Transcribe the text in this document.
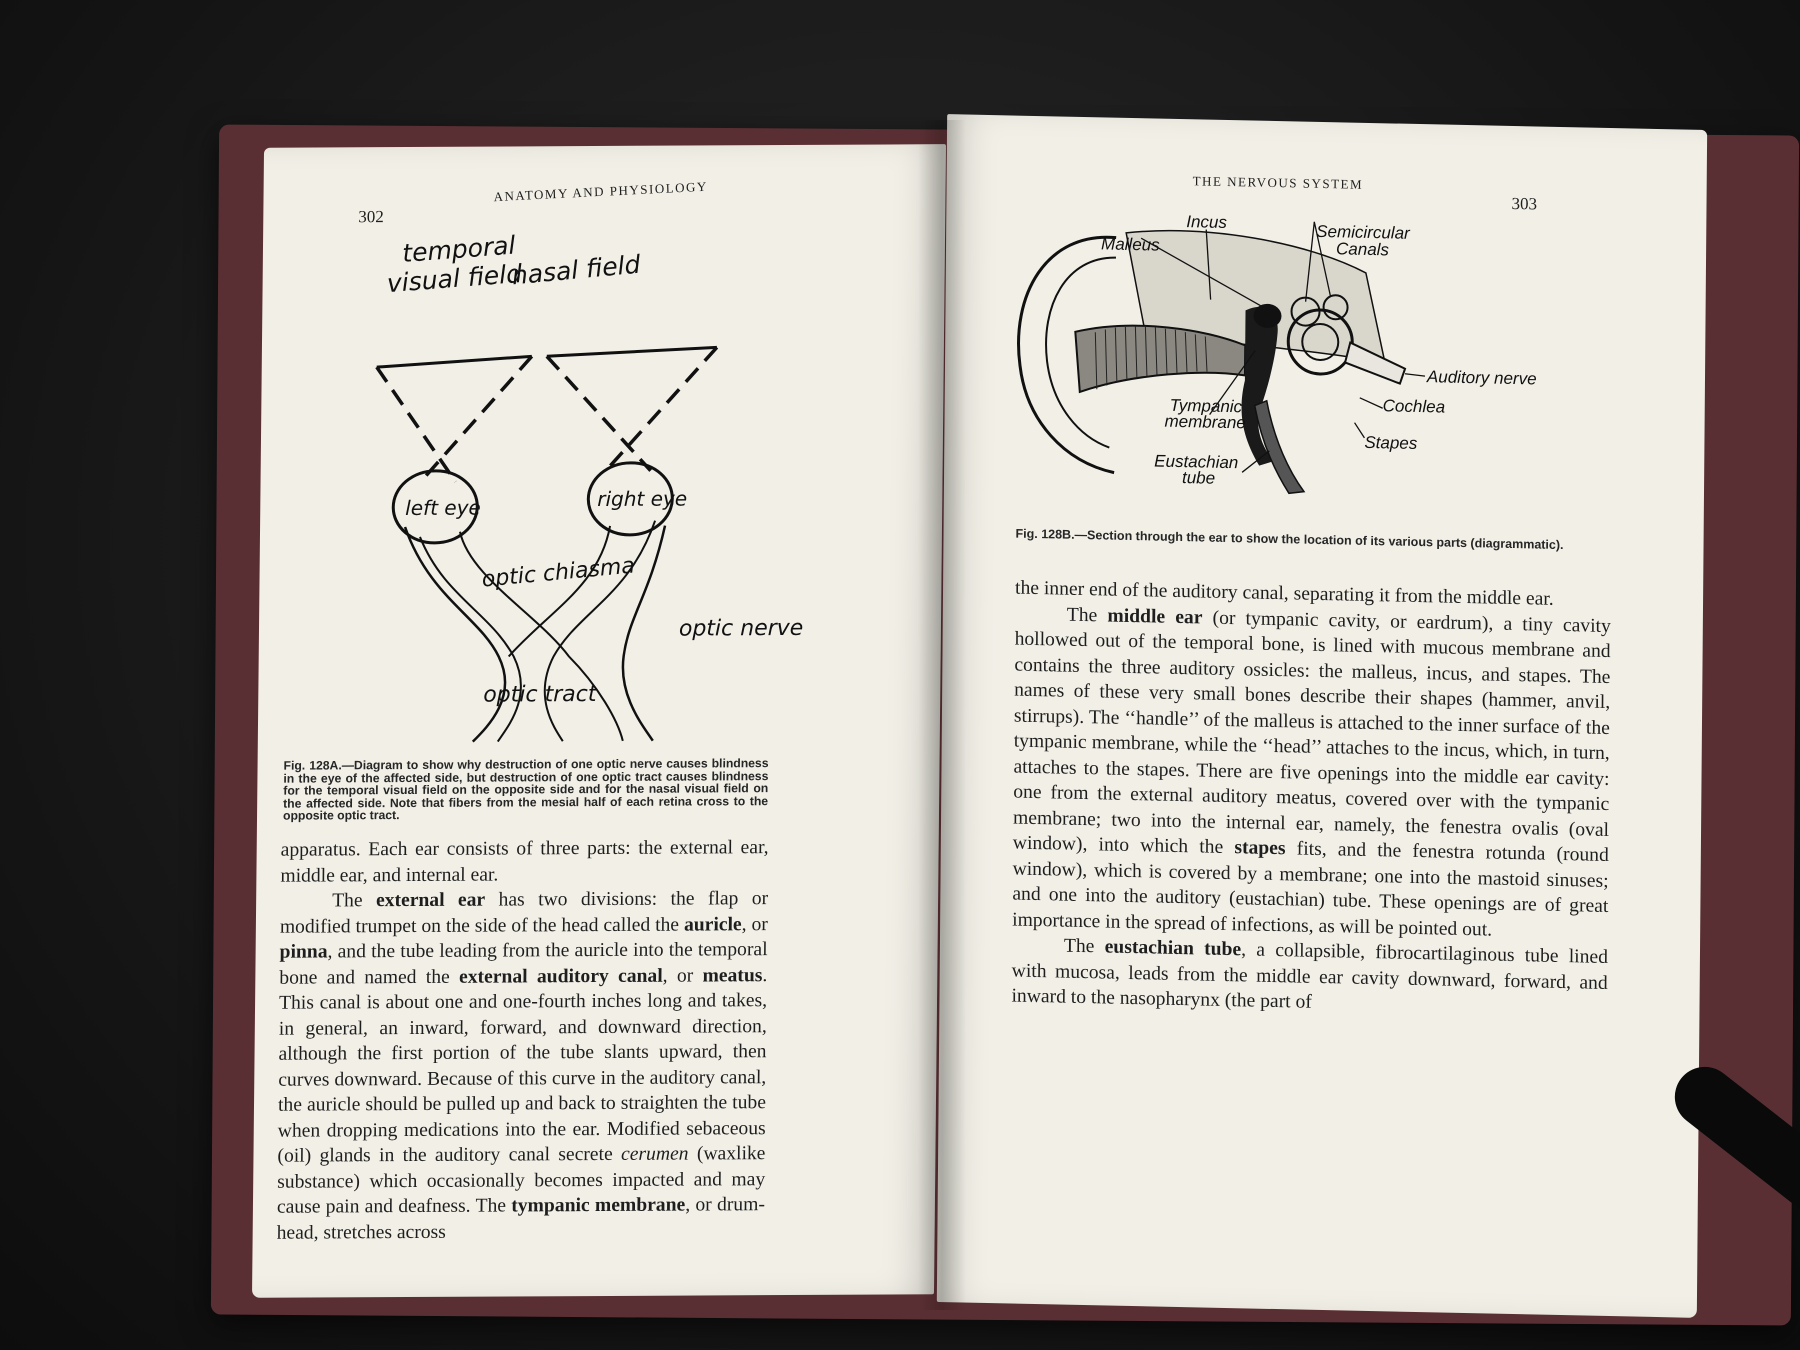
302
ANATOMY AND PHYSIOLOGY
temporal
visual field
nasal field
left eye	right eye
optic chiasma
optic nerve
optic tract
Fig. 128A.—Diagram to show why destruction of one optic nerve causes blindness in the eye of the affected side, but destruction of one optic tract causes blindness for the temporal visual field on the opposite side and for the nasal visual field on the affected side. Note that fibers from the mesial half of each retina cross to the opposite optic tract.

apparatus. Each ear consists of three parts: the external ear, middle ear, and internal ear.

The external ear has two divisions: the flap or modified trumpet on the side of the head called the auricle, or pinna, and the tube leading from the auricle into the temporal bone and named the external auditory canal, or meatus. This canal is about one and one-fourth inches long and takes, in general, an inward, forward, and downward direction, although the first portion of the tube slants upward, then curves downward. Because of this curve in the auditory canal, the auricle should be pulled up and back to straighten the tube when dropping medications into the ear. Modified sebaceous (oil) glands in the auditory canal secrete cerumen (waxlike substance) which occasionally becomes impacted and may cause pain and deafness. The tympanic membrane, or drum-head, stretches across

THE NERVOUS SYSTEM
303
Incus	Semicircular
Canals
Malleus
Auditory nerve
Cochlea
Tympanic
membrane
Stapes
Eustachian
tube
Fig. 128B.—Section through the ear to show the location of its various parts (diagrammatic).

the inner end of the auditory canal, separating it from the middle ear.

The middle ear (or tympanic cavity, or eardrum), a tiny cavity hollowed out of the temporal bone, is lined with mucous membrane and contains the three auditory ossicles: the malleus, incus, and stapes. The names of these very small bones describe their shapes (hammer, anvil, stirrups). The ‘‘handle’’ of the malleus is attached to the inner surface of the tympanic membrane, while the ‘‘head’’ attaches to the incus, which, in turn, attaches to the stapes. There are five openings into the middle ear cavity: one from the external auditory meatus, covered over with the tympanic membrane; two into the internal ear, namely, the fenestra ovalis (oval window), into which the stapes fits, and the fenestra rotunda (round window), which is covered by a membrane; one into the mastoid sinuses; and one into the auditory (eustachian) tube. These openings are of great importance in the spread of infections, as will be pointed out.

The eustachian tube, a collapsible, fibrocartilaginous tube lined with mucosa, leads from the middle ear cavity downward, forward, and inward to the nasopharynx (the part of
